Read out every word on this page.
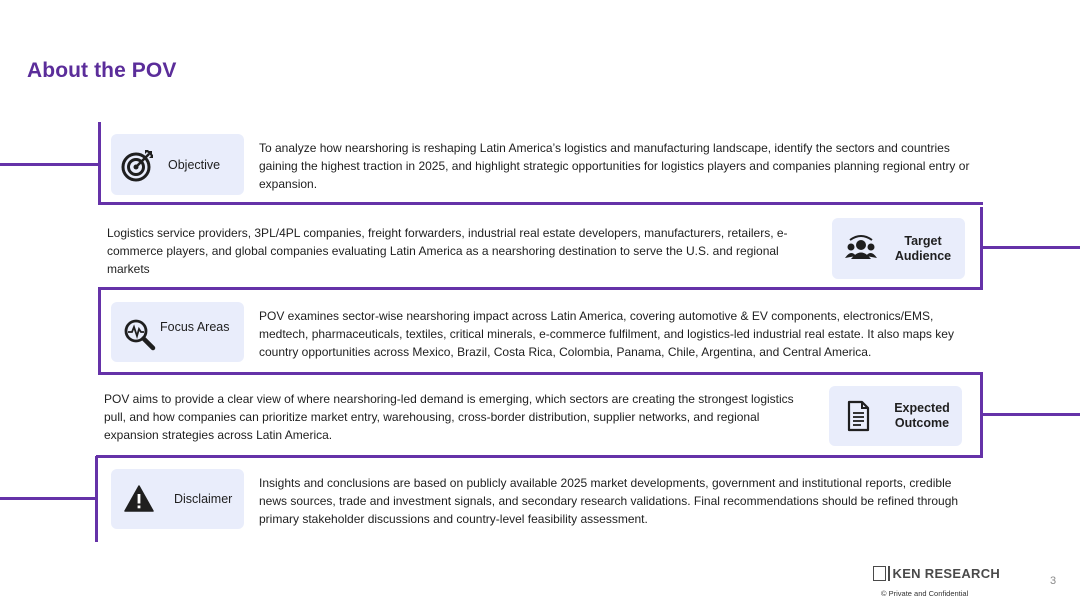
About the POV
Objective
To analyze how nearshoring is reshaping Latin America’s logistics and manufacturing landscape, identify the sectors and countries gaining the highest traction in 2025, and highlight strategic opportunities for logistics players and companies planning regional entry or expansion.
Logistics service providers, 3PL/4PL companies, freight forwarders, industrial real estate developers, manufacturers, retailers, e-commerce players, and global companies evaluating Latin America as a nearshoring destination to serve the U.S. and regional markets
Target Audience
Focus Areas
POV examines sector-wise nearshoring impact across Latin America, covering automotive & EV components, electronics/EMS, medtech, pharmaceuticals, textiles, critical minerals, e-commerce fulfilment, and logistics-led industrial real estate. It also maps key country opportunities across Mexico, Brazil, Costa Rica, Colombia, Panama, Chile, Argentina, and Central America.
POV aims to provide a clear view of where nearshoring-led demand is emerging, which sectors are creating the strongest logistics pull, and how companies can prioritize market entry, warehousing, cross-border distribution, supplier networks, and regional expansion strategies across Latin America.
Expected Outcome
Disclaimer
Insights and conclusions are based on publicly available 2025 market developments, government and institutional reports, credible news sources, trade and investment signals, and secondary research validations. Final recommendations should be refined through primary stakeholder discussions and country-level feasibility assessment.
KEN RESEARCH
© Private and Confidential
3
